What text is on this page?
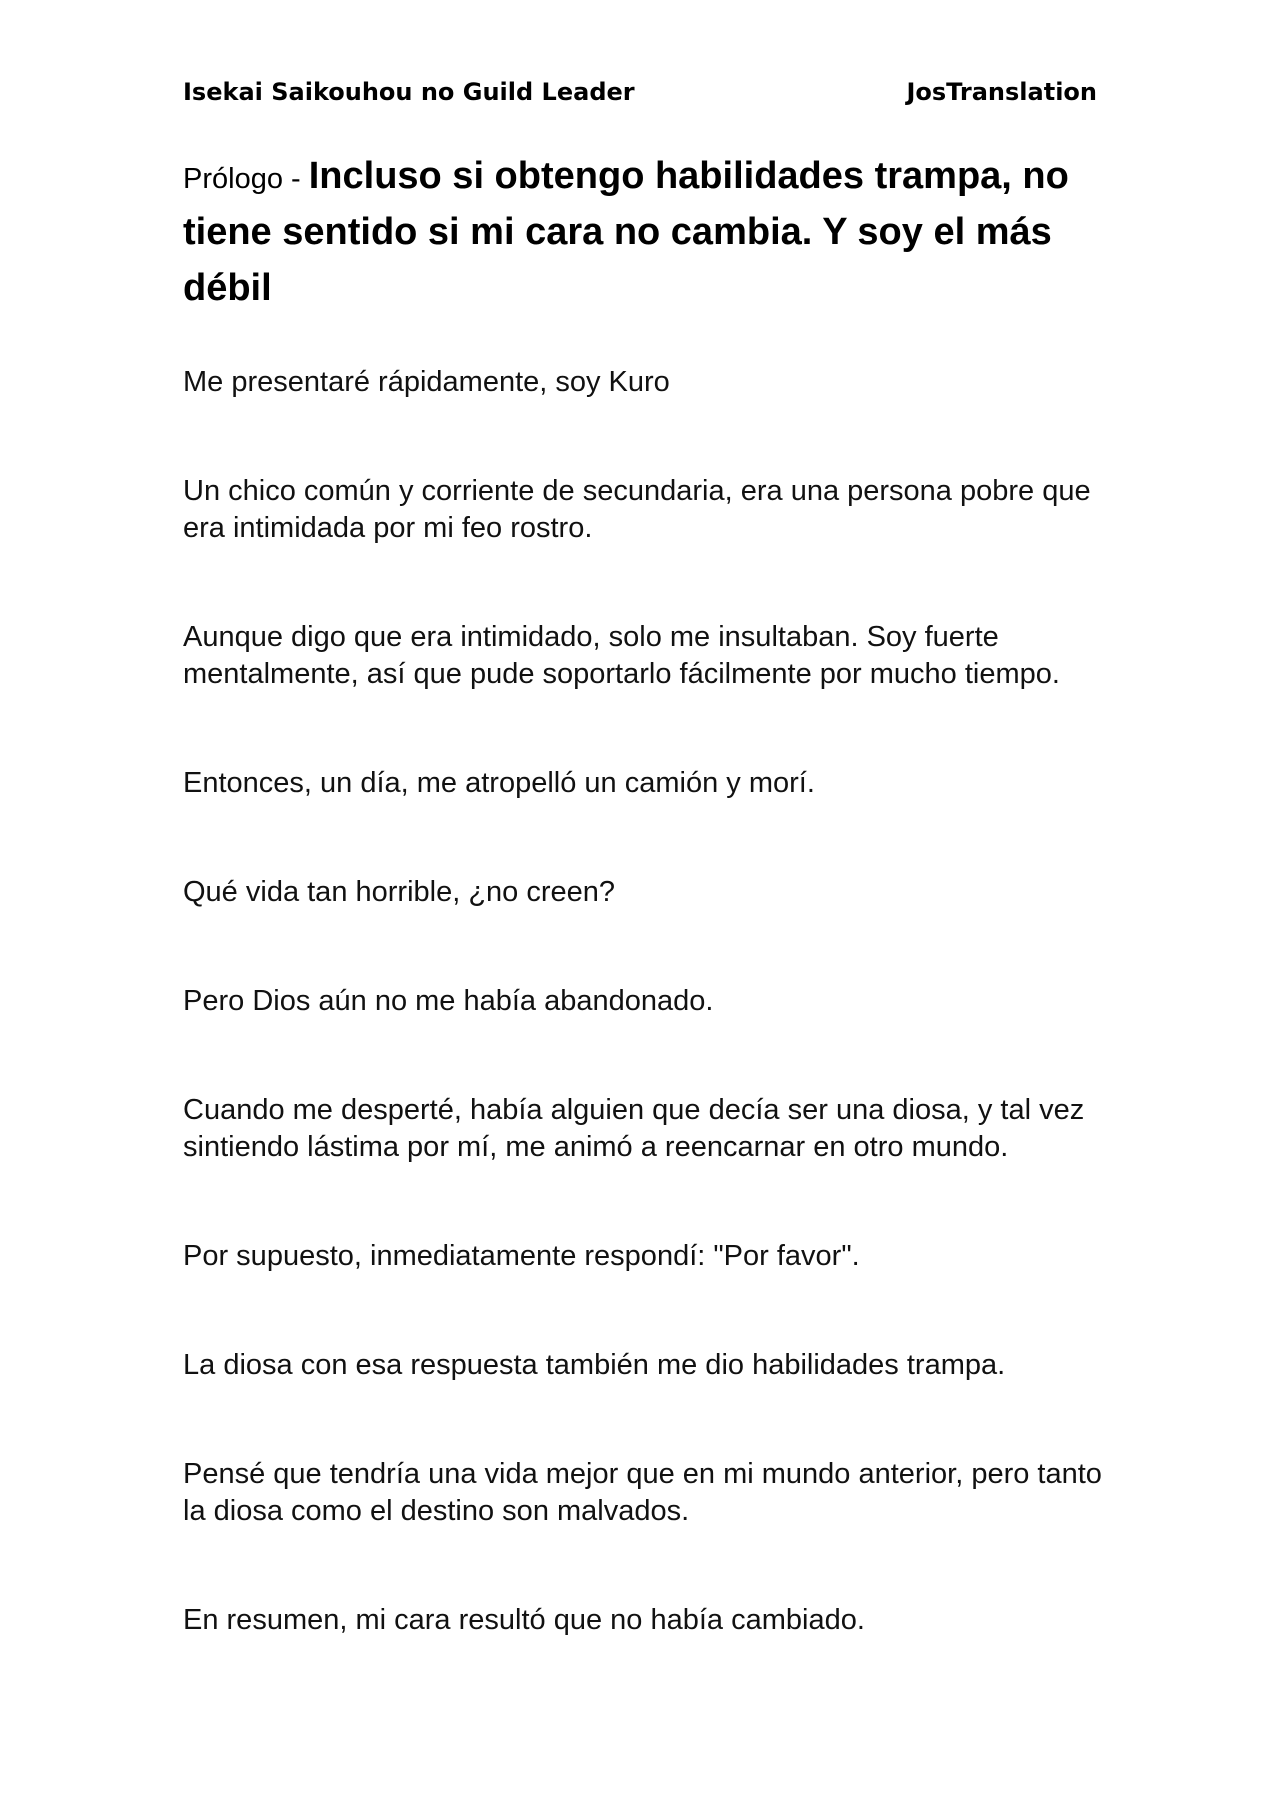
Isekai Saikouhou no Guild Leader	JosTranslation
Prólogo - Incluso si obtengo habilidades trampa, no tiene sentido si mi cara no cambia. Y soy el más débil

Me presentaré rápidamente, soy Kuro

Un chico común y corriente de secundaria, era una persona pobre que era intimidada por mi feo rostro.

Aunque digo que era intimidado, solo me insultaban. Soy fuerte mentalmente, así que pude soportarlo fácilmente por mucho tiempo.

Entonces, un día, me atropelló un camión y morí.

Qué vida tan horrible, ¿no creen?

Pero Dios aún no me había abandonado.

Cuando me desperté, había alguien que decía ser una diosa, y tal vez sintiendo lástima por mí, me animó a reencarnar en otro mundo.

Por supuesto, inmediatamente respondí: "Por favor".

La diosa con esa respuesta también me dio habilidades trampa.

Pensé que tendría una vida mejor que en mi mundo anterior, pero tanto la diosa como el destino son malvados.

En resumen, mi cara resultó que no había cambiado.
